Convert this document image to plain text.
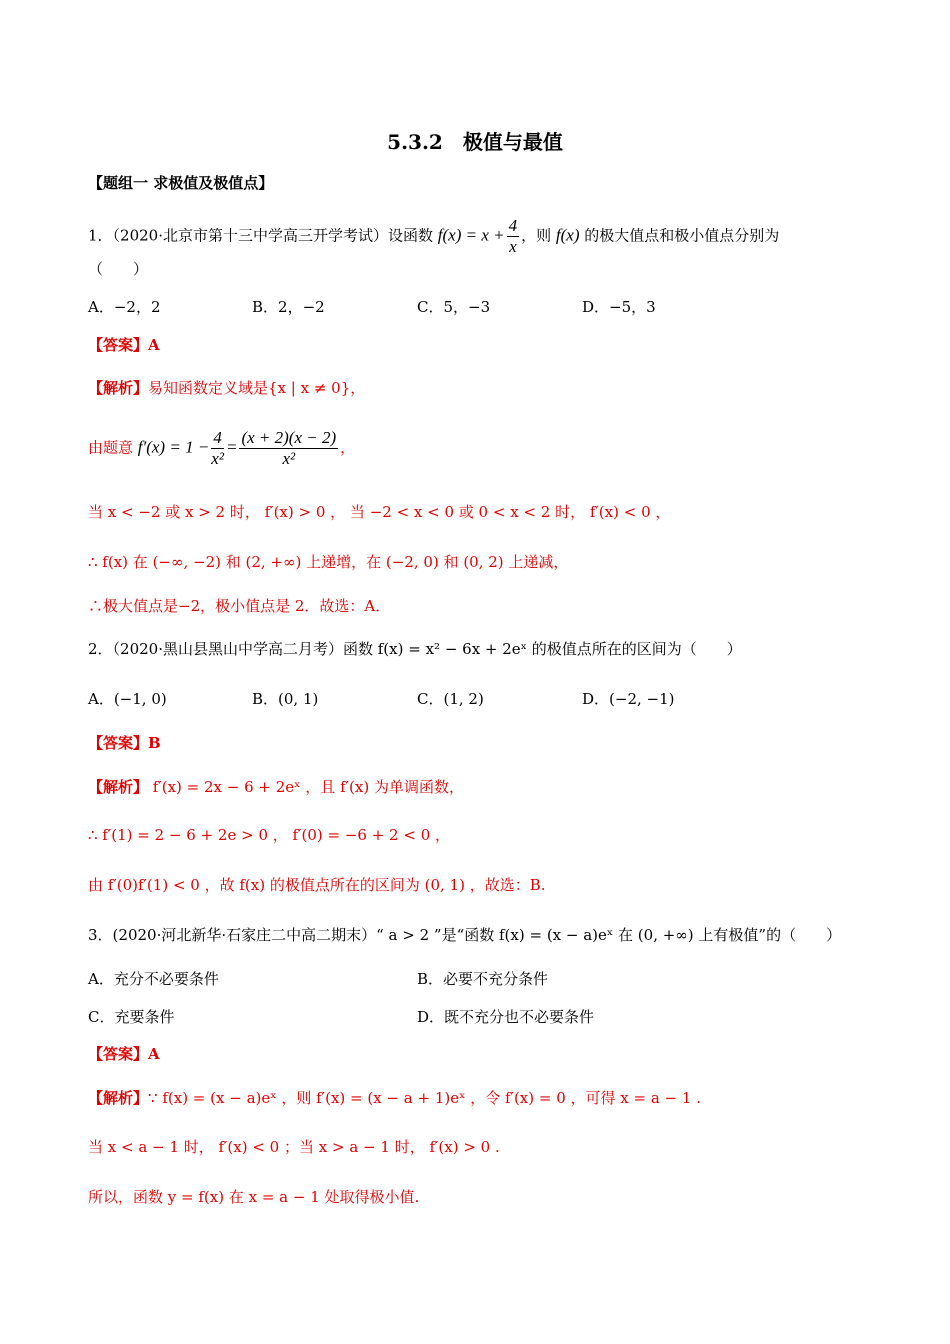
5.3.2　极值与最值
【题组一 求极值及极值点】
1．（2020·北京市第十三中学高三开学考试）设函数 $f(x) = x + \frac{4}{x}$ ，则 f(x) 的极大值点和极小值点分别为
（　　）
A．−2，2	B．2，−2	C．5，−3	D．−5，3
【答案】A
【解析】易知函数定义域是{x | x ≠ 0}，
由题意 $f'(x) = 1 - \frac{4}{\text{x²}} = \frac{(x + 2)(x - 2)}{\text{x²}}$ ，
当 x < −2 或 x > 2 时， f′(x) > 0 ， 当 −2 < x < 0 或 0 < x < 2 时， f′(x) < 0 ，
∴ f(x) 在 (−∞, −2) 和 (2, +∞) 上递增，在 (−2, 0) 和 (0, 2) 上递减，
∴极大值点是−2，极小值点是 2．故选：A．
2．（2020·黑山县黑山中学高二月考）函数 f(x) = x² − 6x + 2eˣ 的极值点所在的区间为（　　）
A．(−1, 0)	B．(0, 1)	C．(1, 2)	D．(−2, −1)
【答案】B
【解析】 f′(x) = 2x − 6 + 2eˣ ，且 f′(x) 为单调函数，
∴ f′(1) = 2 − 6 + 2e > 0 ， f′(0) = −6 + 2 < 0 ，
由 f′(0)f′(1) < 0 ，故 f(x) 的极值点所在的区间为 (0, 1) ，故选：B.
3．(2020·河北新华·石家庄二中高二期末）“ a > 2 ”是“函数 f(x) = (x − a)eˣ 在 (0, +∞) 上有极值”的（　　）
A．充分不必要条件	B．必要不充分条件
C．充要条件	D．既不充分也不必要条件
【答案】A
【解析】∵ f(x) = (x − a)eˣ ，则 f′(x) = (x − a + 1)eˣ ，令 f′(x) = 0 ，可得 x = a − 1 .
当 x < a − 1 时， f′(x) < 0 ；当 x > a − 1 时， f′(x) > 0 .
所以，函数 y = f(x) 在 x = a − 1 处取得极小值.
